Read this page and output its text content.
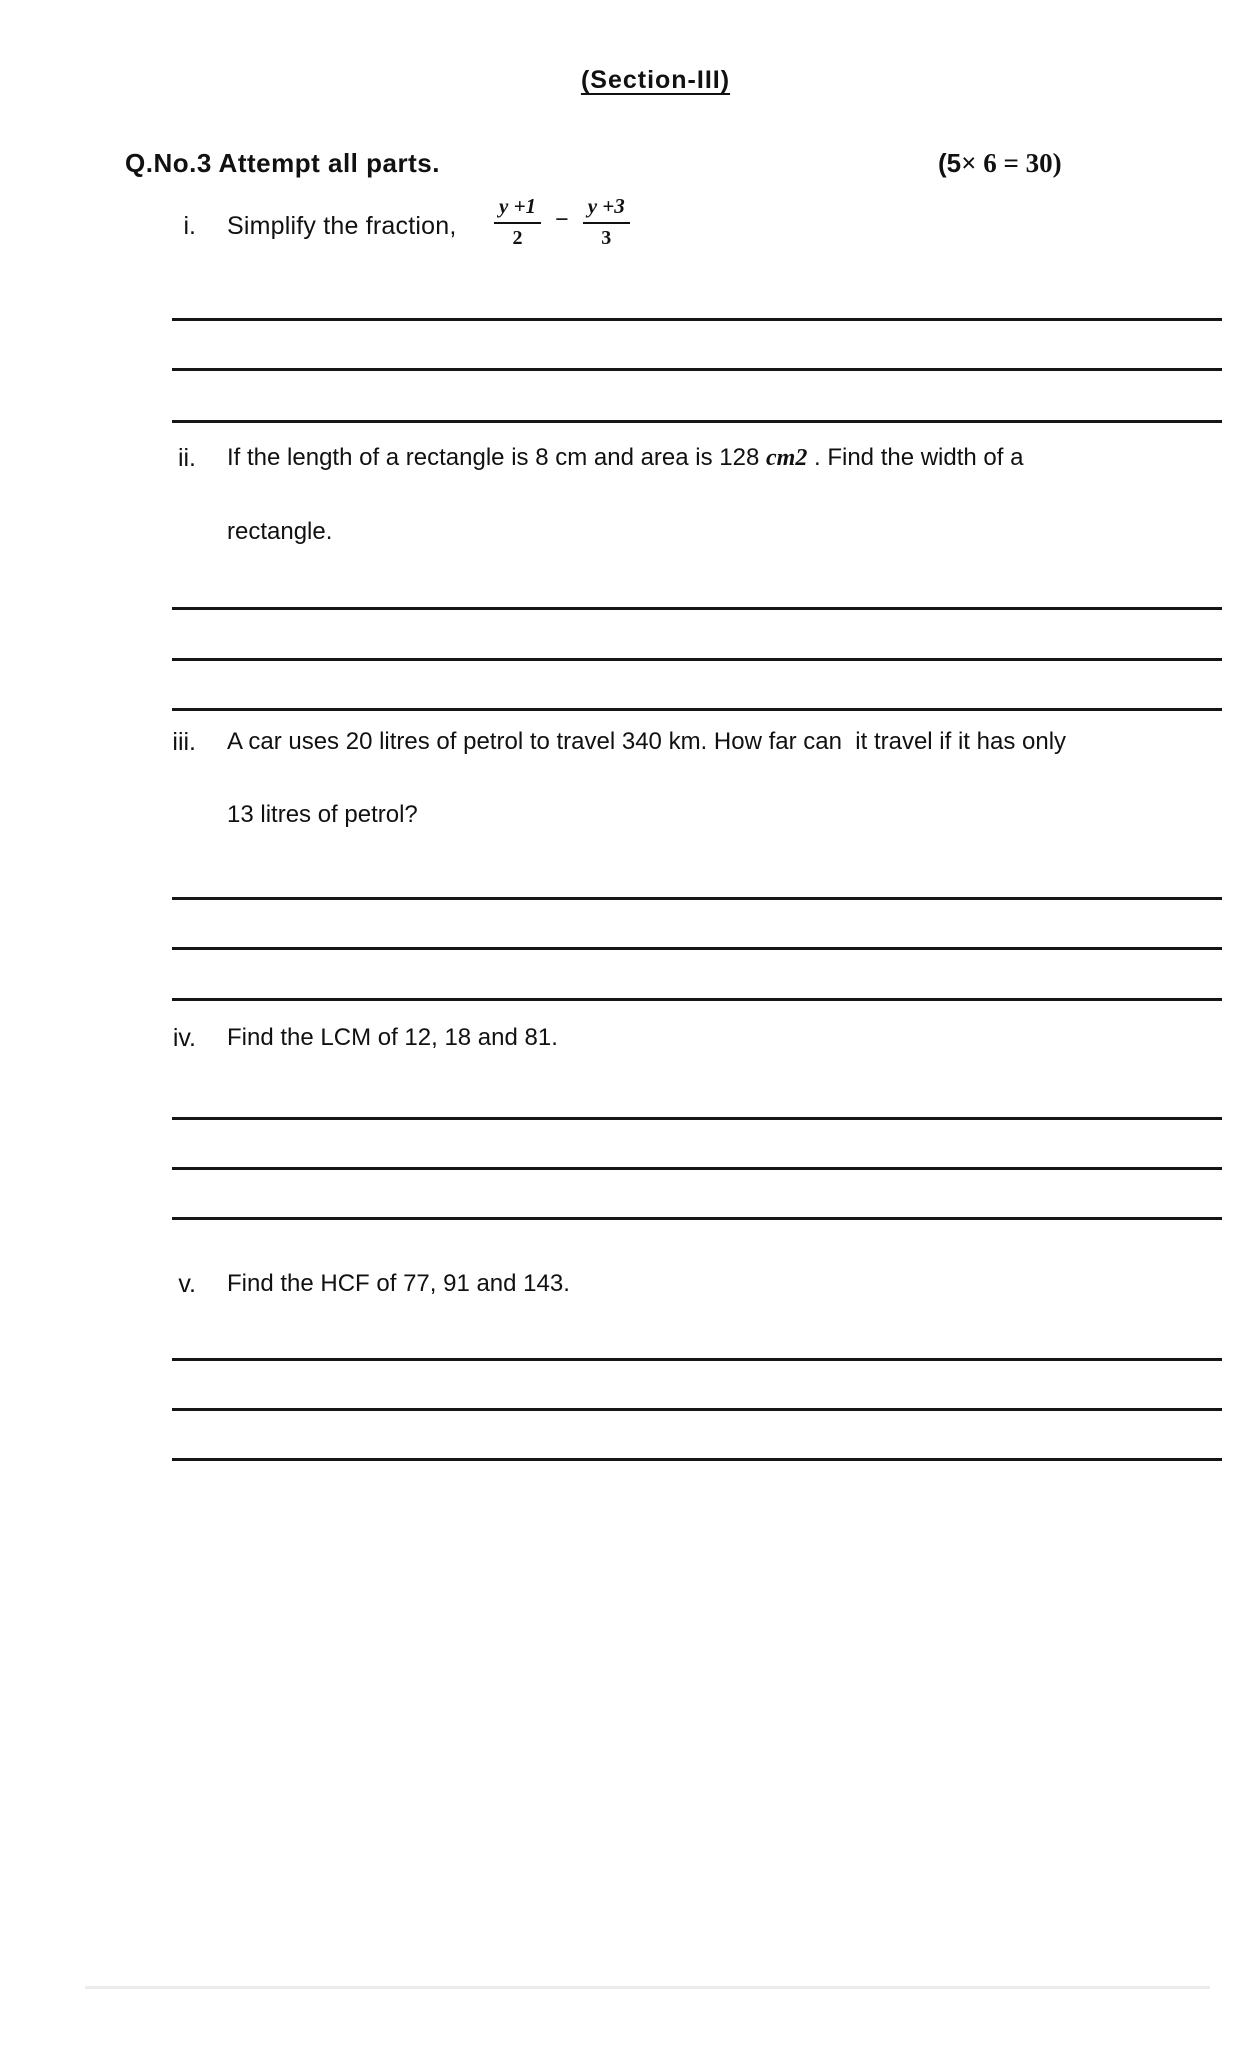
(Section-III)
Q.No.3 Attempt all parts.	(5× 6 = 30)
i. Simplify the fraction, $\frac{y +1}{2} - \frac{y +3}{3}$
ii. If the length of a rectangle is 8 cm and area is 128 cm2 . Find the width of a
rectangle.
iii. A car uses 20 litres of petrol to travel 340 km. How far can  it travel if it has only
13 litres of petrol?
iv. Find the LCM of 12, 18 and 81.
v. Find the HCF of 77, 91 and 143.
